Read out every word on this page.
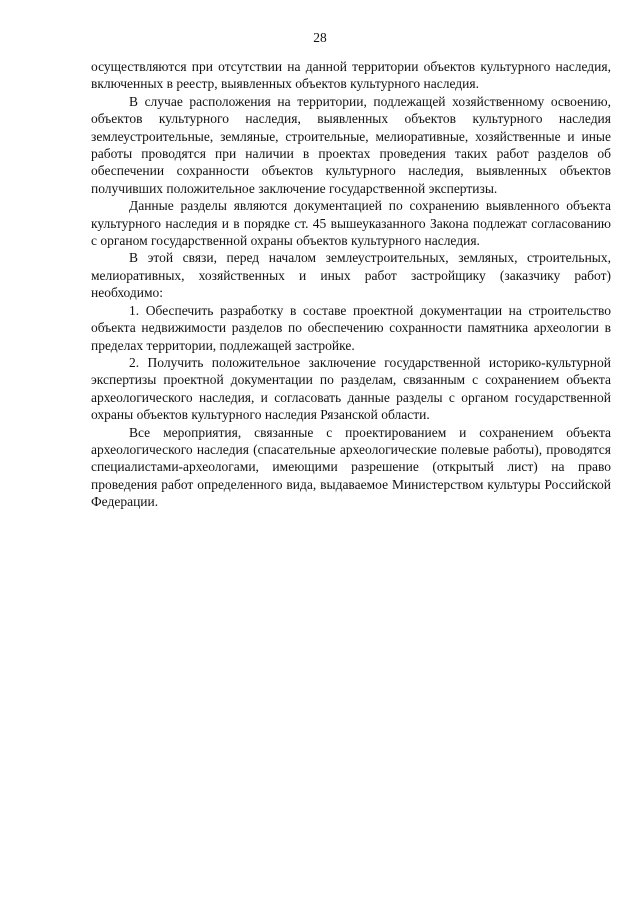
28

осуществляются при отсутствии на данной территории объектов культурного наследия, включенных в реестр, выявленных объектов культурного наследия.

В случае расположения на территории, подлежащей хозяйственному освоению, объектов культурного наследия, выявленных объектов культурного наследия землеустроительные, земляные, строительные, мелиоративные, хозяйственные и иные работы проводятся при наличии в проектах проведения таких работ разделов об обеспечении сохранности объектов культурного наследия, выявленных объектов получивших положительное заключение государственной экспертизы.

Данные разделы являются документацией по сохранению выявленного объекта культурного наследия и в порядке ст. 45 вышеуказанного Закона подлежат согласованию с органом государственной охраны объектов культурного наследия.

В этой связи, перед началом землеустроительных, земляных, строительных, мелиоративных, хозяйственных и иных работ застройщику (заказчику работ) необходимо:

1. Обеспечить разработку в составе проектной документации на строительство объекта недвижимости разделов по обеспечению сохранности памятника археологии в пределах территории, подлежащей застройке.

2. Получить положительное заключение государственной историко-культурной экспертизы проектной документации по разделам, связанным с сохранением объекта археологического наследия, и согласовать данные разделы с органом государственной охраны объектов культурного наследия Рязанской области.

Все мероприятия, связанные с проектированием и сохранением объекта археологического наследия (спасательные археологические полевые работы), проводятся специалистами-археологами, имеющими разрешение (открытый лист) на право проведения работ определенного вида, выдаваемое Министерством культуры Российской Федерации.
